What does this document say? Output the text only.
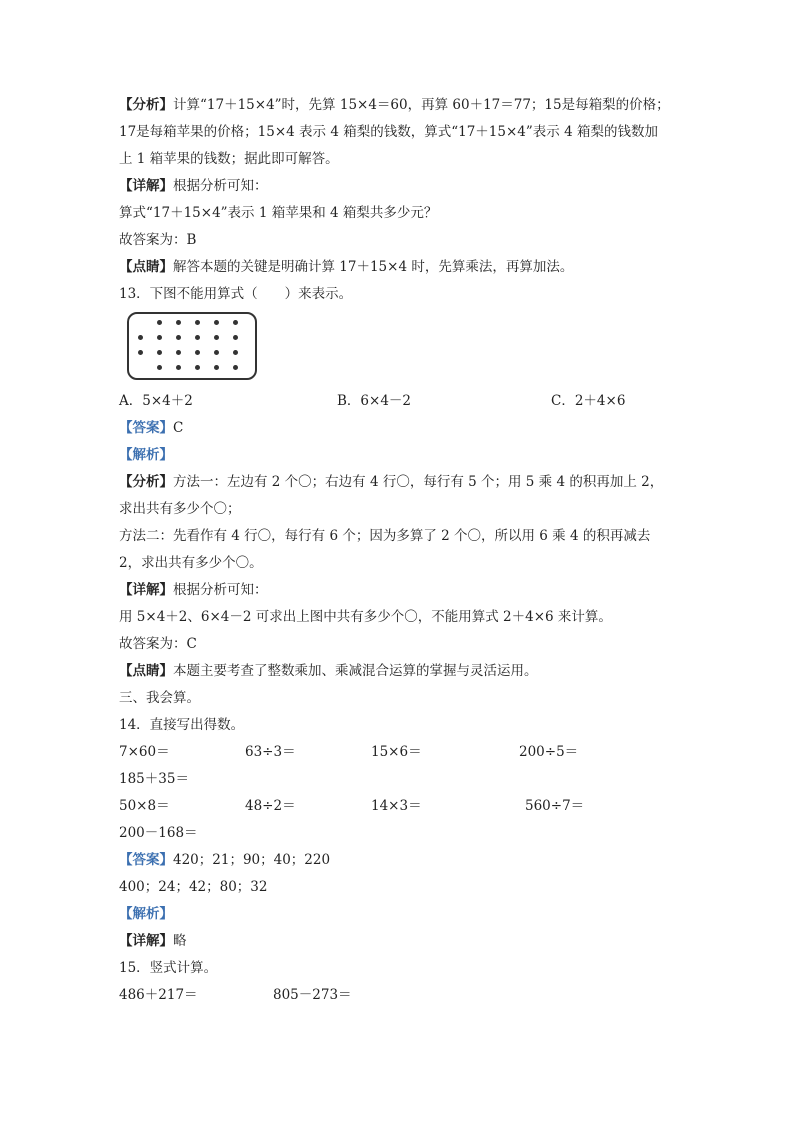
【分析】计算“17＋15×4”时，先算 15×4＝60，再算 60＋17＝77；15是每箱梨的价格；
17是每箱苹果的价格；15×4 表示 4 箱梨的钱数，算式“17＋15×4”表示 4 箱梨的钱数加
上 1 箱苹果的钱数；据此即可解答。
【详解】根据分析可知：
算式“17＋15×4”表示 1 箱苹果和 4 箱梨共多少元？
故答案为：B
【点睛】解答本题的关键是明确计算 17＋15×4 时，先算乘法，再算加法。
13．下图不能用算式（　　）来表示。
A．5×4＋2	B．6×4－2	C．2＋4×6
【答案】C
【解析】
【分析】方法一：左边有 2 个〇；右边有 4 行〇，每行有 5 个；用 5 乘 4 的积再加上 2，
求出共有多少个〇；
方法二：先看作有 4 行〇，每行有 6 个；因为多算了 2 个〇，所以用 6 乘 4 的积再减去
2，求出共有多少个〇。
【详解】根据分析可知：
用 5×4＋2、6×4－2 可求出上图中共有多少个〇，不能用算式 2＋4×6 来计算。
故答案为：C
【点睛】本题主要考查了整数乘加、乘减混合运算的掌握与灵活运用。
三、我会算。
14．直接写出得数。
7×60＝	63÷3＝	15×6＝	200÷5＝
185＋35＝
50×8＝	48÷2＝	14×3＝	560÷7＝
200－168＝
【答案】420；21；90；40；220
400；24；42；80；32
【解析】
【详解】略
15．竖式计算。
486＋217＝	805－273＝
